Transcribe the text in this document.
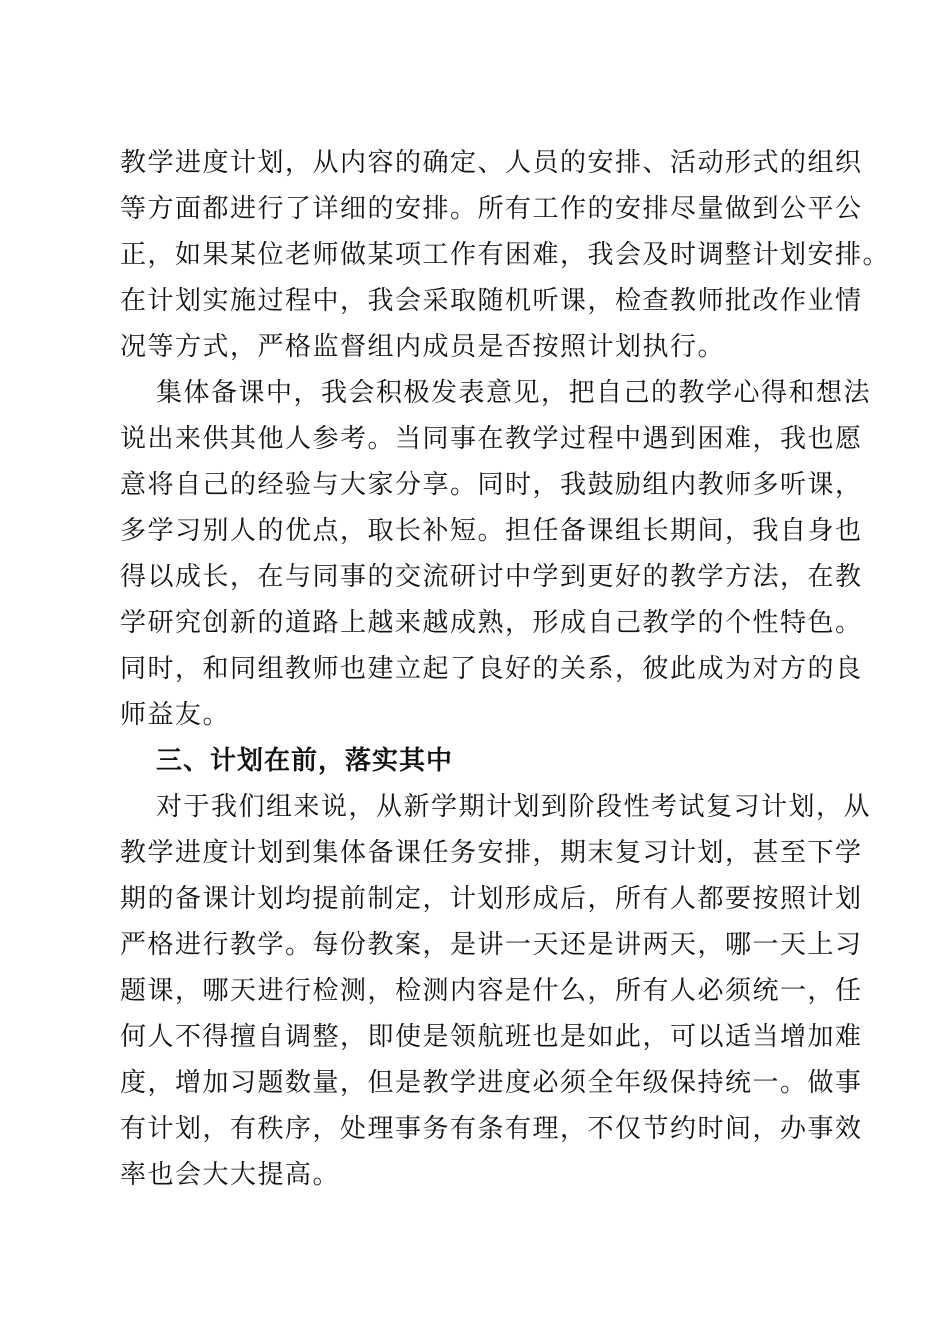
教学进度计划，从内容的确定、人员的安排、活动形式的组织
等方面都进行了详细的安排。所有工作的安排尽量做到公平公
正，如果某位老师做某项工作有困难，我会及时调整计划安排。
在计划实施过程中，我会采取随机听课，检查教师批改作业情
况等方式，严格监督组内成员是否按照计划执行。
集体备课中，我会积极发表意见，把自己的教学心得和想法
说出来供其他人参考。当同事在教学过程中遇到困难，我也愿
意将自己的经验与大家分享。同时，我鼓励组内教师多听课，
多学习别人的优点，取长补短。担任备课组长期间，我自身也
得以成长，在与同事的交流研讨中学到更好的教学方法，在教
学研究创新的道路上越来越成熟，形成自己教学的个性特色。
同时，和同组教师也建立起了良好的关系，彼此成为对方的良
师益友。
三、计划在前，落实其中
对于我们组来说，从新学期计划到阶段性考试复习计划，从
教学进度计划到集体备课任务安排，期末复习计划，甚至下学
期的备课计划均提前制定，计划形成后，所有人都要按照计划
严格进行教学。每份教案，是讲一天还是讲两天，哪一天上习
题课，哪天进行检测，检测内容是什么，所有人必须统一，任
何人不得擅自调整，即使是领航班也是如此，可以适当增加难
度，增加习题数量，但是教学进度必须全年级保持统一。做事
有计划，有秩序，处理事务有条有理，不仅节约时间，办事效
率也会大大提高。
